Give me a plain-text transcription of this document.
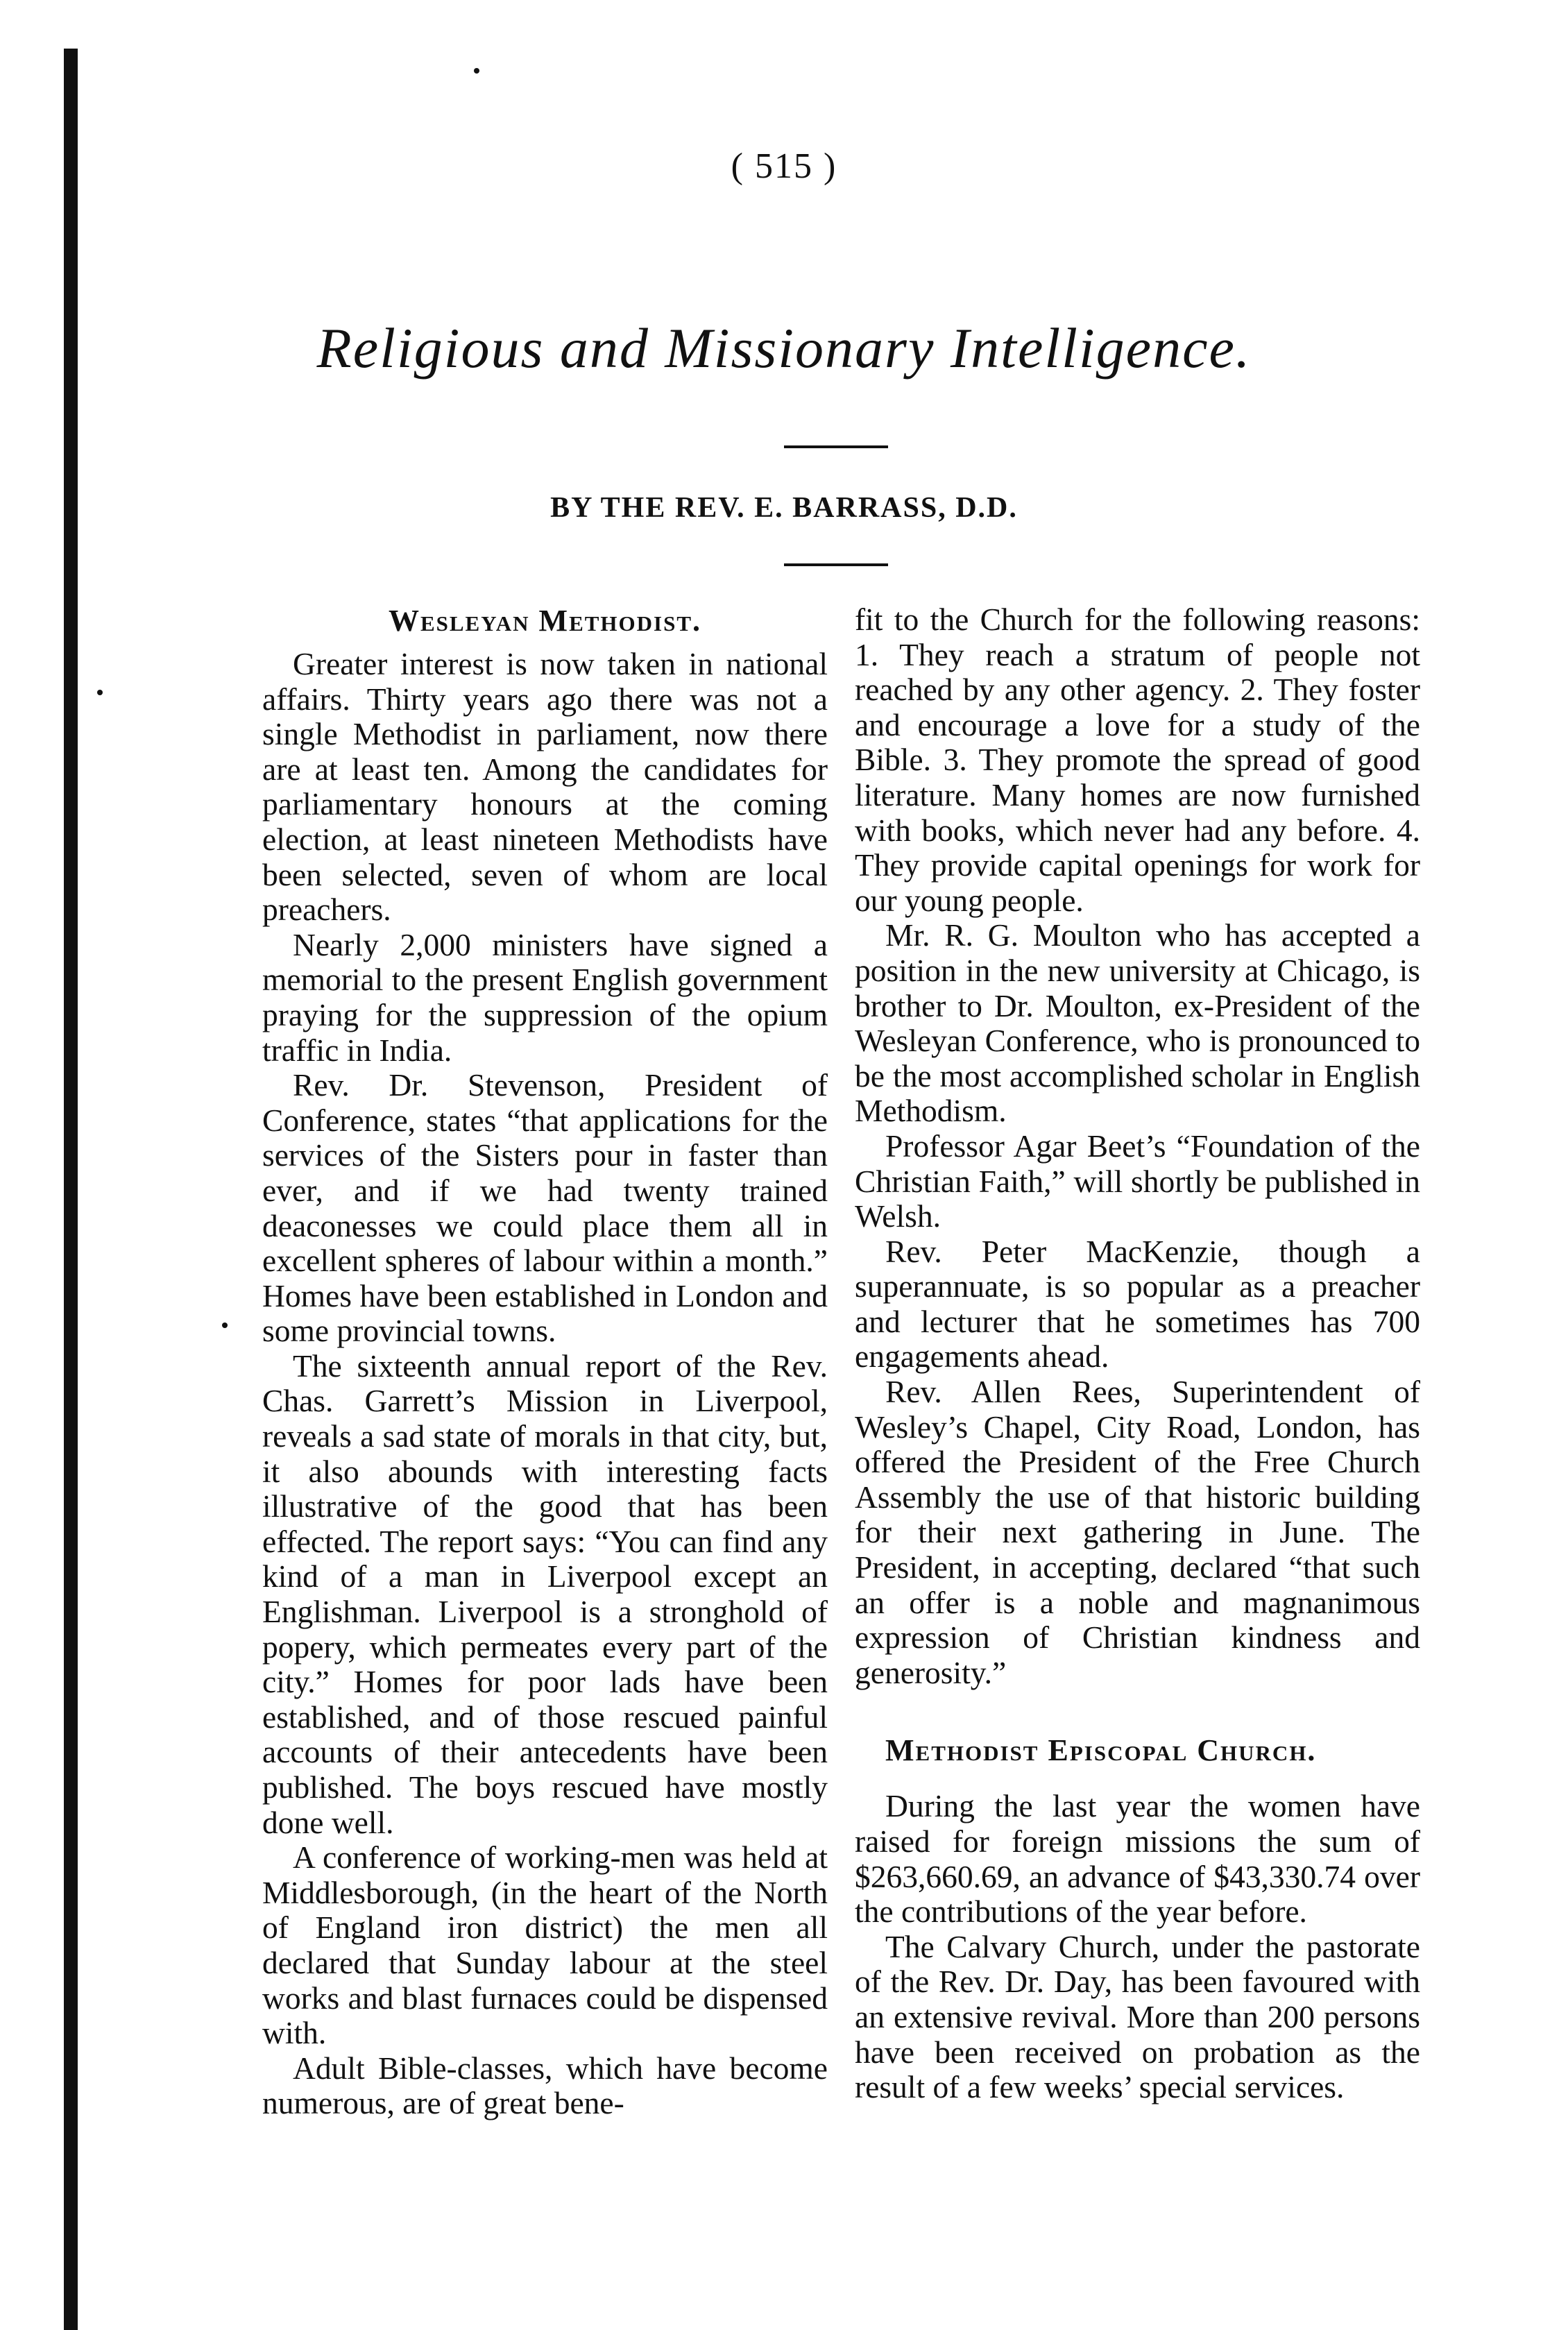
( 515 )
Religious and Missionary Intelligence.
BY THE REV. E. BARRASS, D.D.
Wesleyan Methodist.

Greater interest is now taken in national affairs. Thirty years ago there was not a single Methodist in parliament, now there are at least ten. Among the candidates for parliamentary honours at the coming election, at least nineteen Methodists have been selected, seven of whom are local preachers.

Nearly 2,000 ministers have signed a memorial to the present English government praying for the suppression of the opium traffic in India.

Rev. Dr. Stevenson, President of Conference, states “that applications for the services of the Sisters pour in faster than ever, and if we had twenty trained deaconesses we could place them all in excellent spheres of labour within a month.” Homes have been established in London and some provincial towns.

The sixteenth annual report of the Rev. Chas. Garrett’s Mission in Liverpool, reveals a sad state of morals in that city, but, it also abounds with interesting facts illustrative of the good that has been effected. The report says: “You can find any kind of a man in Liverpool except an Englishman. Liverpool is a stronghold of popery, which permeates every part of the city.” Homes for poor lads have been established, and of those rescued painful accounts of their antecedents have been published. The boys rescued have mostly done well.

A conference of working-men was held at Middlesborough, (in the heart of the North of England iron district) the men all declared that Sunday labour at the steel works and blast furnaces could be dispensed with.

Adult Bible-classes, which have become numerous, are of great bene-

fit to the Church for the following reasons: 1. They reach a stratum of people not reached by any other agency. 2. They foster and encourage a love for a study of the Bible. 3. They promote the spread of good literature. Many homes are now furnished with books, which never had any before. 4. They provide capital openings for work for our young people.

Mr. R. G. Moulton who has accepted a position in the new university at Chicago, is brother to Dr. Moulton, ex-President of the Wesleyan Conference, who is pronounced to be the most accomplished scholar in English Methodism.

Professor Agar Beet’s “Foundation of the Christian Faith,” will shortly be published in Welsh.

Rev. Peter MacKenzie, though a superannuate, is so popular as a preacher and lecturer that he sometimes has 700 engagements ahead.

Rev. Allen Rees, Superintendent of Wesley’s Chapel, City Road, London, has offered the President of the Free Church Assembly the use of that historic building for their next gathering in June. The President, in accepting, declared “that such an offer is a noble and magnanimous expression of Christian kindness and generosity.”

Methodist Episcopal Church.

During the last year the women have raised for foreign missions the sum of $263,660.69, an advance of $43,330.74 over the contributions of the year before.

The Calvary Church, under the pastorate of the Rev. Dr. Day, has been favoured with an extensive revival. More than 200 persons have been received on probation as the result of a few weeks’ special services.
